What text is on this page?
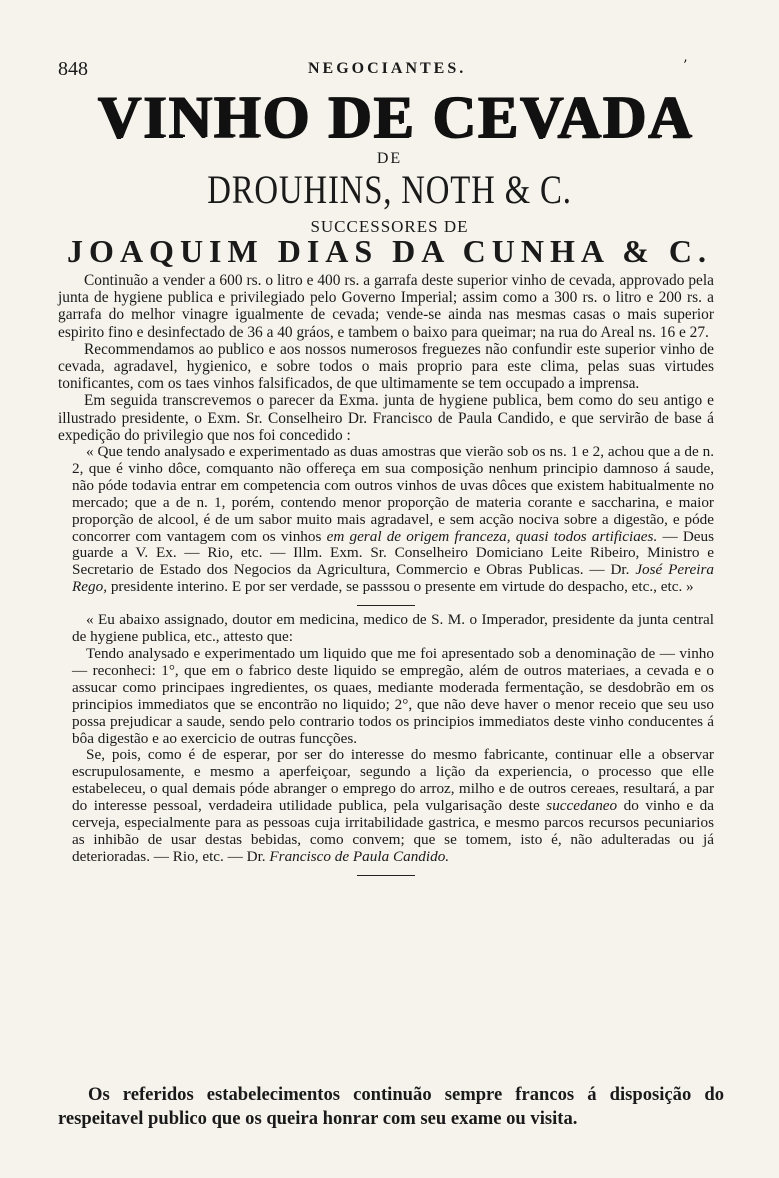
848	NEGOCIANTES.	’
VINHO DE CEVADA
DE
DROUHINS, NOTH & C.
SUCCESSORES DE
JOAQUIM DIAS DA CUNHA & C.

Continuão a vender a 600 rs. o litro e 400 rs. a garrafa deste superior vinho de cevada, approvado pela junta de hygiene publica e privilegiado pelo Governo Imperial; assim como a 300 rs. o litro e 200 rs. a garrafa do melhor vinagre igualmente de cevada; vende-se ainda nas mesmas casas o mais superior espirito fino e desinfectado de 36 a 40 gráos, e tambem o baixo para queimar; na rua do Areal ns. 16 e 27.

Recommendamos ao publico e aos nossos numerosos freguezes não confundir este superior vinho de cevada, agradavel, hygienico, e sobre todos o mais proprio para este clima, pelas suas virtudes tonificantes, com os taes vinhos falsificados, de que ultimamente se tem occupado a imprensa.

Em seguida transcrevemos o parecer da Exma. junta de hygiene publica, bem como do seu antigo e illustrado presidente, o Exm. Sr. Conselheiro Dr. Francisco de Paula Candido, e que servirão de base á expedição do privilegio que nos foi concedido :

« Que tendo analysado e experimentado as duas amostras que vierão sob os ns. 1 e 2, achou que a de n. 2, que é vinho dôce, comquanto não offereça em sua composição nenhum principio damnoso á saude, não póde todavia entrar em competencia com outros vinhos de uvas dôces que existem habitualmente no mercado; que a de n. 1, porém, contendo menor proporção de materia corante e saccharina, e maior proporção de alcool, é de um sabor muito mais agradavel, e sem acção nociva sobre a digestão, e póde concorrer com vantagem com os vinhos em geral de origem franceza, quasi todos artificiaes. — Deus guarde a V. Ex. — Rio, etc. — Illm. Exm. Sr. Conselheiro Domiciano Leite Ribeiro, Ministro e Secretario de Estado dos Negocios da Agricultura, Commercio e Obras Publicas. — Dr. José Pereira Rego, presidente interino. E por ser verdade, se passsou o presente em virtude do despacho, etc., etc. »

« Eu abaixo assignado, doutor em medicina, medico de S. M. o Imperador, presidente da junta central de hygiene publica, etc., attesto que:

Tendo analysado e experimentado um liquido que me foi apresentado sob a denominação de — vinho — reconheci: 1°, que em o fabrico deste liquido se empregão, além de outros materiaes, a cevada e o assucar como principaes ingredientes, os quaes, mediante moderada fermentação, se desdobrão em os principios immediatos que se encontrão no liquido; 2°, que não deve haver o menor receio que seu uso possa prejudicar a saude, sendo pelo contrario todos os principios immediatos deste vinho conducentes á bôa digestão e ao exercicio de outras funcções.

Se, pois, como é de esperar, por ser do interesse do mesmo fabricante, continuar elle a observar escrupulosamente, e mesmo a aperfeiçoar, segundo a lição da experiencia, o processo que elle estabeleceu, o qual demais póde abranger o emprego do arroz, milho e de outros cereaes, resultará, a par do interesse pessoal, verdadeira utilidade publica, pela vulgarisação deste succedaneo do vinho e da cerveja, especialmente para as pessoas cuja irritabilidade gastrica, e mesmo parcos recursos pecuniarios as inhibão de usar destas bebidas, como convem; que se tomem, isto é, não adulteradas ou já deterioradas. — Rio, etc. — Dr. Francisco de Paula Candido.

Os referidos estabelecimentos continuão sempre francos á disposição do respeitavel publico que os queira honrar com seu exame ou visita.
